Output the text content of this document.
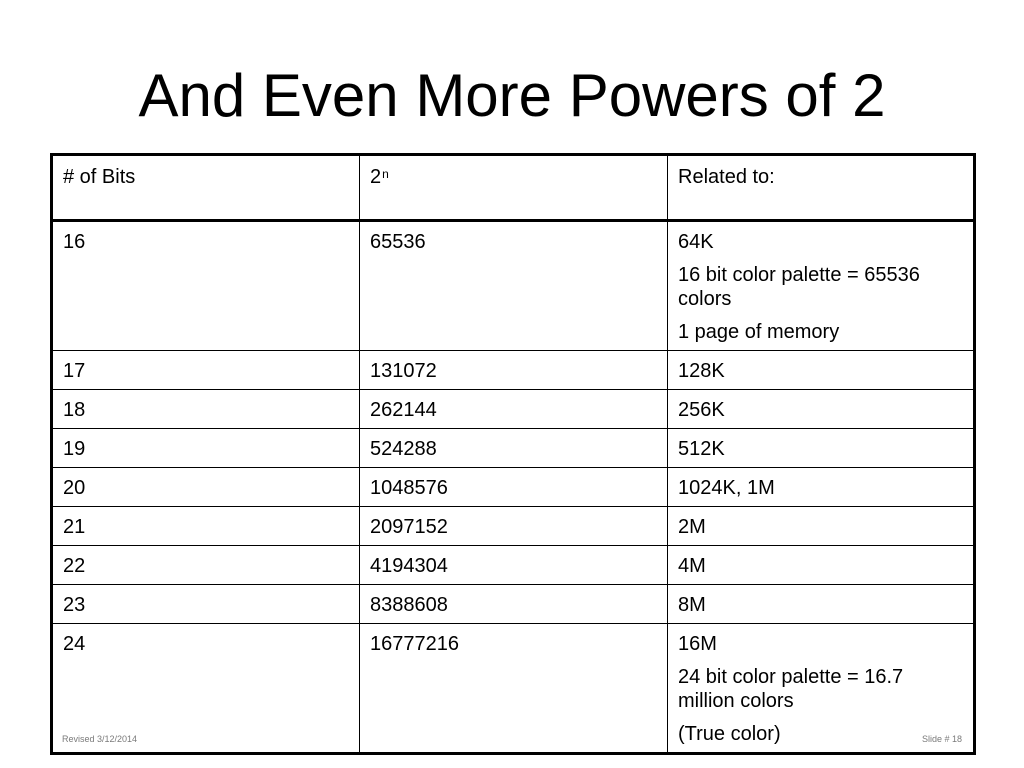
And Even More Powers of 2
# of Bits	2$^n$	Related to:
16	65536	64K
16 bit color palette = 65536 colors
1 page of memory

17	131072	128K

18	262144	256K

19	524288	512K

20	1048576	1024K, 1M

21	2097152	2M

22	4194304	4M

23	8388608	8M

24	16777216	16M
24 bit color palette = 16.7 million colors
(True color)
Revised 3/12/2014	Slide # 18
